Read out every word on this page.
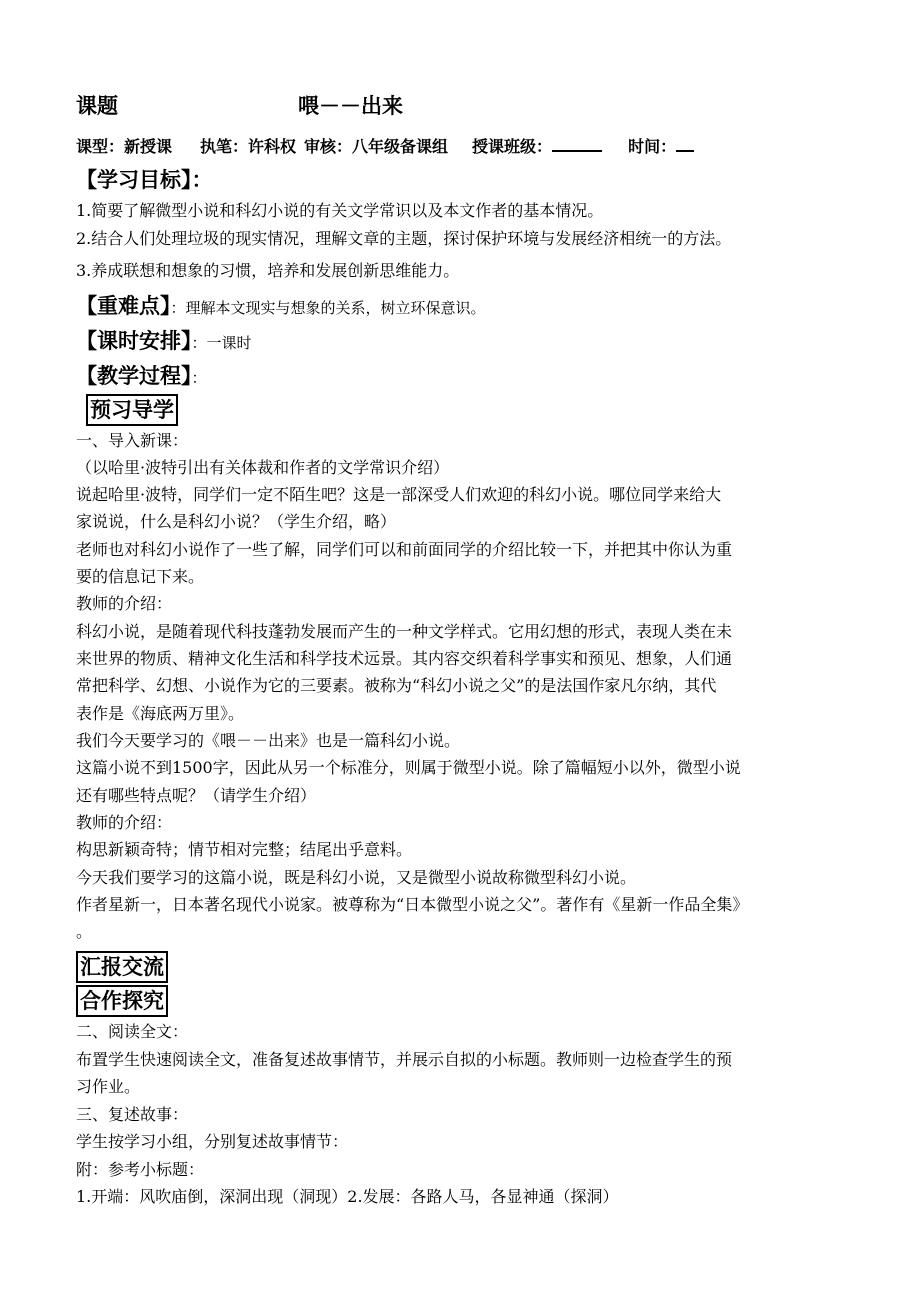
课题	喂－－出来
课型：新授课 执笔：许科权 审核：八年级备课组 授课班级：	时间：
【学习目标】：
1.简要了解微型小说和科幻小说的有关文学常识以及本文作者的基本情况。
2.结合人们处理垃圾的现实情况，理解文章的主题，探讨保护环境与发展经济相统一的方法。
3.养成联想和想象的习惯，培养和发展创新思维能力。
【重难点】：理解本文现实与想象的关系，树立环保意识。
【课时安排】：一课时
【教学过程】：
预习导学
一、导入新课：
（以哈里·波特引出有关体裁和作者的文学常识介绍）
说起哈里·波特，同学们一定不陌生吧？这是一部深受人们欢迎的科幻小说。哪位同学来给大
家说说，什么是科幻小说？（学生介绍，略）
老师也对科幻小说作了一些了解，同学们可以和前面同学的介绍比较一下，并把其中你认为重
要的信息记下来。
教师的介绍：
科幻小说，是随着现代科技蓬勃发展而产生的一种文学样式。它用幻想的形式，表现人类在未
来世界的物质、精神文化生活和科学技术远景。其内容交织着科学事实和预见、想象，人们通
常把科学、幻想、小说作为它的三要素。被称为“科幻小说之父”的是法国作家凡尔纳，其代
表作是《海底两万里》。
我们今天要学习的《喂－－出来》也是一篇科幻小说。
这篇小说不到1500字，因此从另一个标准分，则属于微型小说。除了篇幅短小以外，微型小说
还有哪些特点呢？（请学生介绍）
教师的介绍：
构思新颖奇特；情节相对完整；结尾出乎意料。
今天我们要学习的这篇小说，既是科幻小说，又是微型小说故称微型科幻小说。
作者星新一，日本著名现代小说家。被尊称为“日本微型小说之父”。著作有《星新一作品全集》
。
汇报交流
合作探究
二、阅读全文：
布置学生快速阅读全文，准备复述故事情节，并展示自拟的小标题。教师则一边检查学生的预
习作业。
三、复述故事：
学生按学习小组，分别复述故事情节：
附：参考小标题：
1.开端：风吹庙倒，深洞出现（洞现）2.发展：各路人马，各显神通（探洞）
